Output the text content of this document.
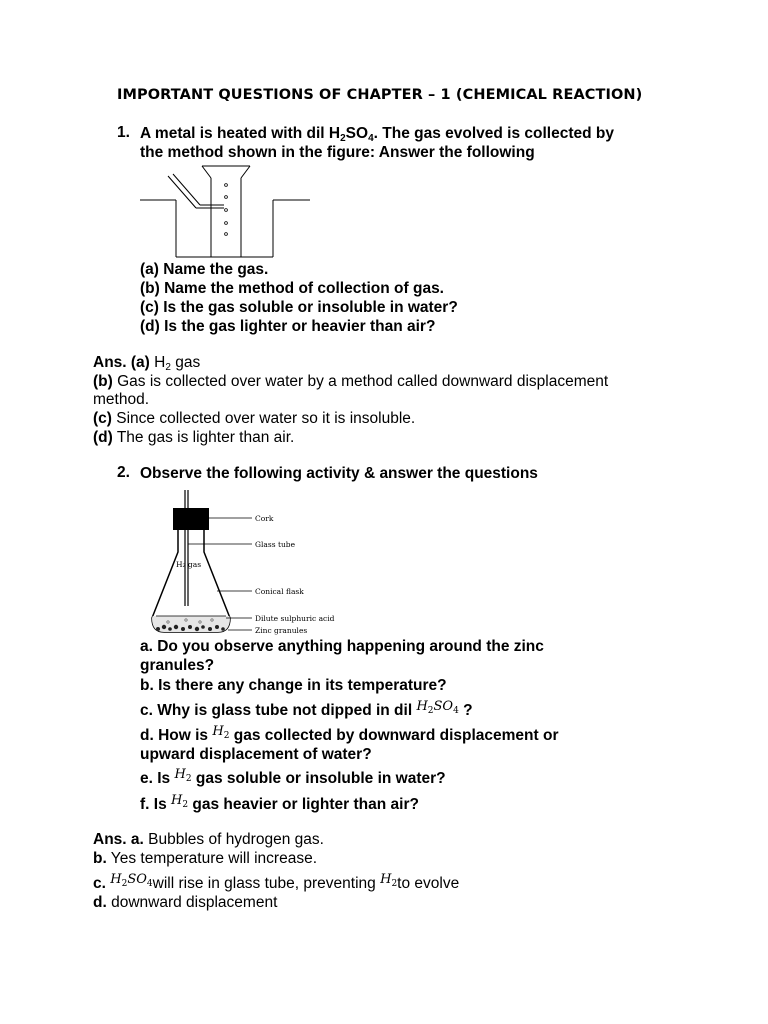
IMPORTANT QUESTIONS OF CHAPTER – 1 (CHEMICAL REACTION)
1. A metal is heated with dil $H_2SO_4$. The gas evolved is collected by
the method shown in the figure: Answer the following
(a) Name the gas.
(b) Name the method of collection of gas.
(c) Is the gas soluble or insoluble in water?
(d) Is the gas lighter or heavier than air?
Ans. (a) $H_2$ gas
(b) Gas is collected over water by a method called downward displacement
method.
(c) Since collected over water so it is insoluble.
(d) The gas is lighter than air.
2. Observe the following activity & answer the questions
Cork
Glass tube
H₂ gas
Conical flask
Dilute sulphuric acid
Zinc granules
a. Do you observe anything happening around the zinc
granules?
b. Is there any change in its temperature?
c. Why is glass tube not dipped in dil $^{H_2SO_4}$ ?
d. How is $^{H_2}$ gas collected by downward displacement or
upward displacement of water?
e. Is $^{H_2}$ gas soluble or insoluble in water?
f. Is $^{H_2}$ gas heavier or lighter than air?
Ans. a. Bubbles of hydrogen gas.
b. Yes temperature will increase.
c. $^{H_2SO_4}$will rise in glass tube, preventing $^{H_2}$to evolve
d. downward displacement
